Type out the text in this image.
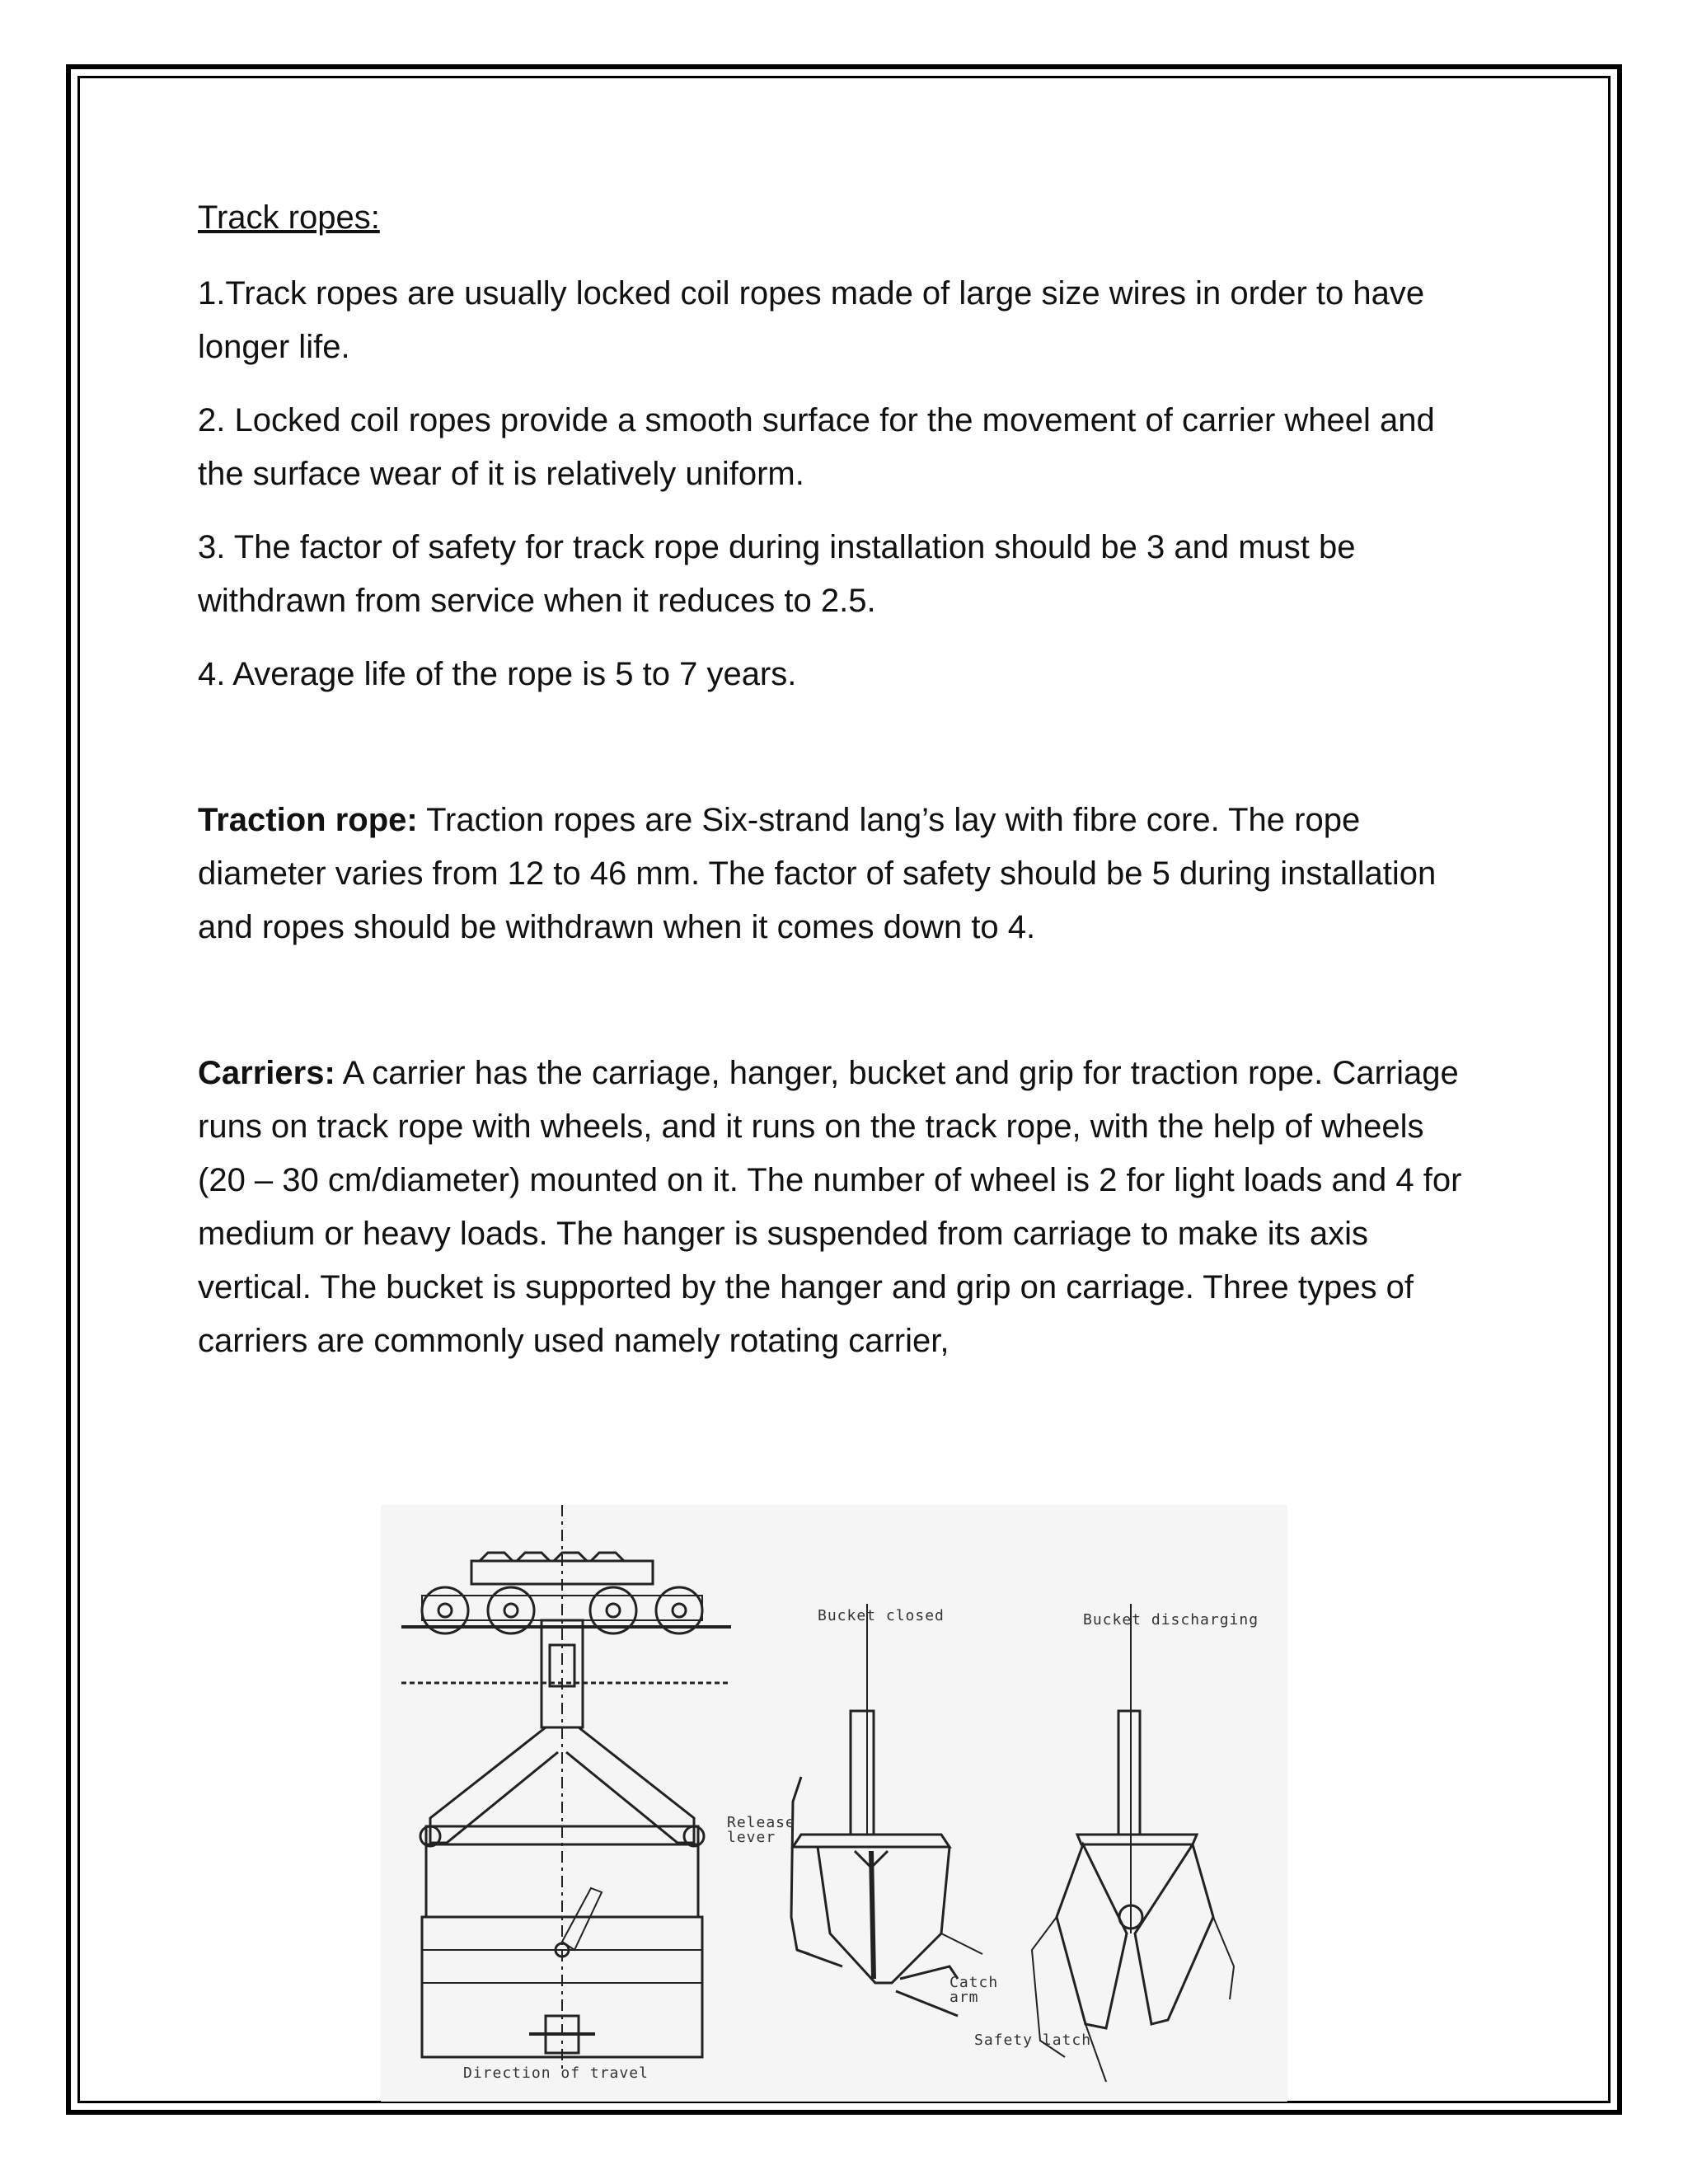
Track ropes:

1.Track ropes are usually locked coil ropes made of large size wires in order to have longer life.

2. Locked coil ropes provide a smooth surface for the movement of carrier wheel and the surface wear of it is relatively uniform.

3. The factor of safety for track rope during installation should be 3 and must be withdrawn from service when it reduces to 2.5.

4. Average life of the rope is 5 to 7 years.

Traction rope: Traction ropes are Six-strand lang’s lay with fibre core. The rope diameter varies from 12 to 46 mm. The factor of safety should be 5 during installation and ropes should be withdrawn when it comes down to 4.

Carriers: A carrier has the carriage, hanger, bucket and grip for traction rope. Carriage runs on track rope with wheels, and it runs on the track rope, with the help of wheels (20 – 30 cm/diameter) mounted on it. The number of wheel is 2 for light loads and 4 for medium or heavy loads. The hanger is suspended from carriage to make its axis vertical. The bucket is supported by the hanger and grip on carriage. Three types of carriers are commonly used namely rotating carrier,

Bucket closed	Bucket discharging
Release
lever
Catch
arm
Safety latch
Direction of travel
